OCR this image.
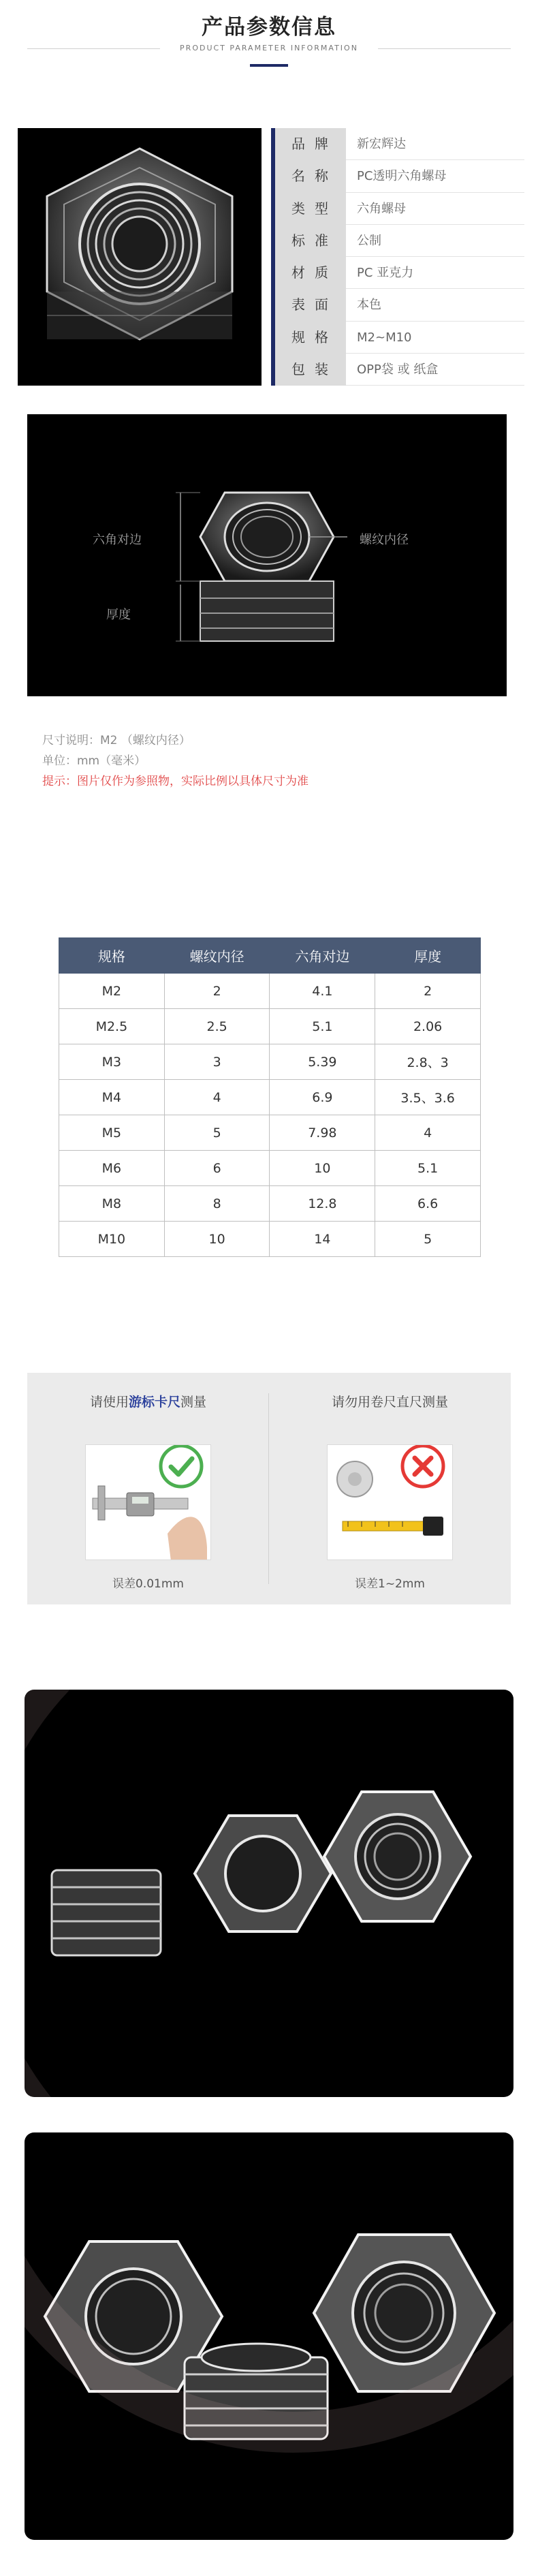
产品参数信息
PRODUCT PARAMETER INFORMATION
品牌	新宏辉达
名称	PC透明六角螺母
类型	六角螺母
标准	公制
材质	PC 亚克力
表面	本色
规格	M2~M10
包装	OPP袋 或 纸盒
六角对边	螺纹内径
厚度
尺寸说明：M2 （螺纹内径）
单位：mm（毫米）
提示：图片仅作为参照物，实际比例以具体尺寸为准
规格	螺纹内径	六角对边	厚度
M2	2	4.1	2
M2.5	2.5	5.1	2.06
M3	3	5.39	2.8、3
M4	4	6.9	3.5、3.6
M5	5	7.98	4
M6	6	10	5.1
M8	8	12.8	6.6
M10	10	14	5
请使用游标卡尺测量
误差0.01mm
请勿用卷尺直尺测量
误差1~2mm
